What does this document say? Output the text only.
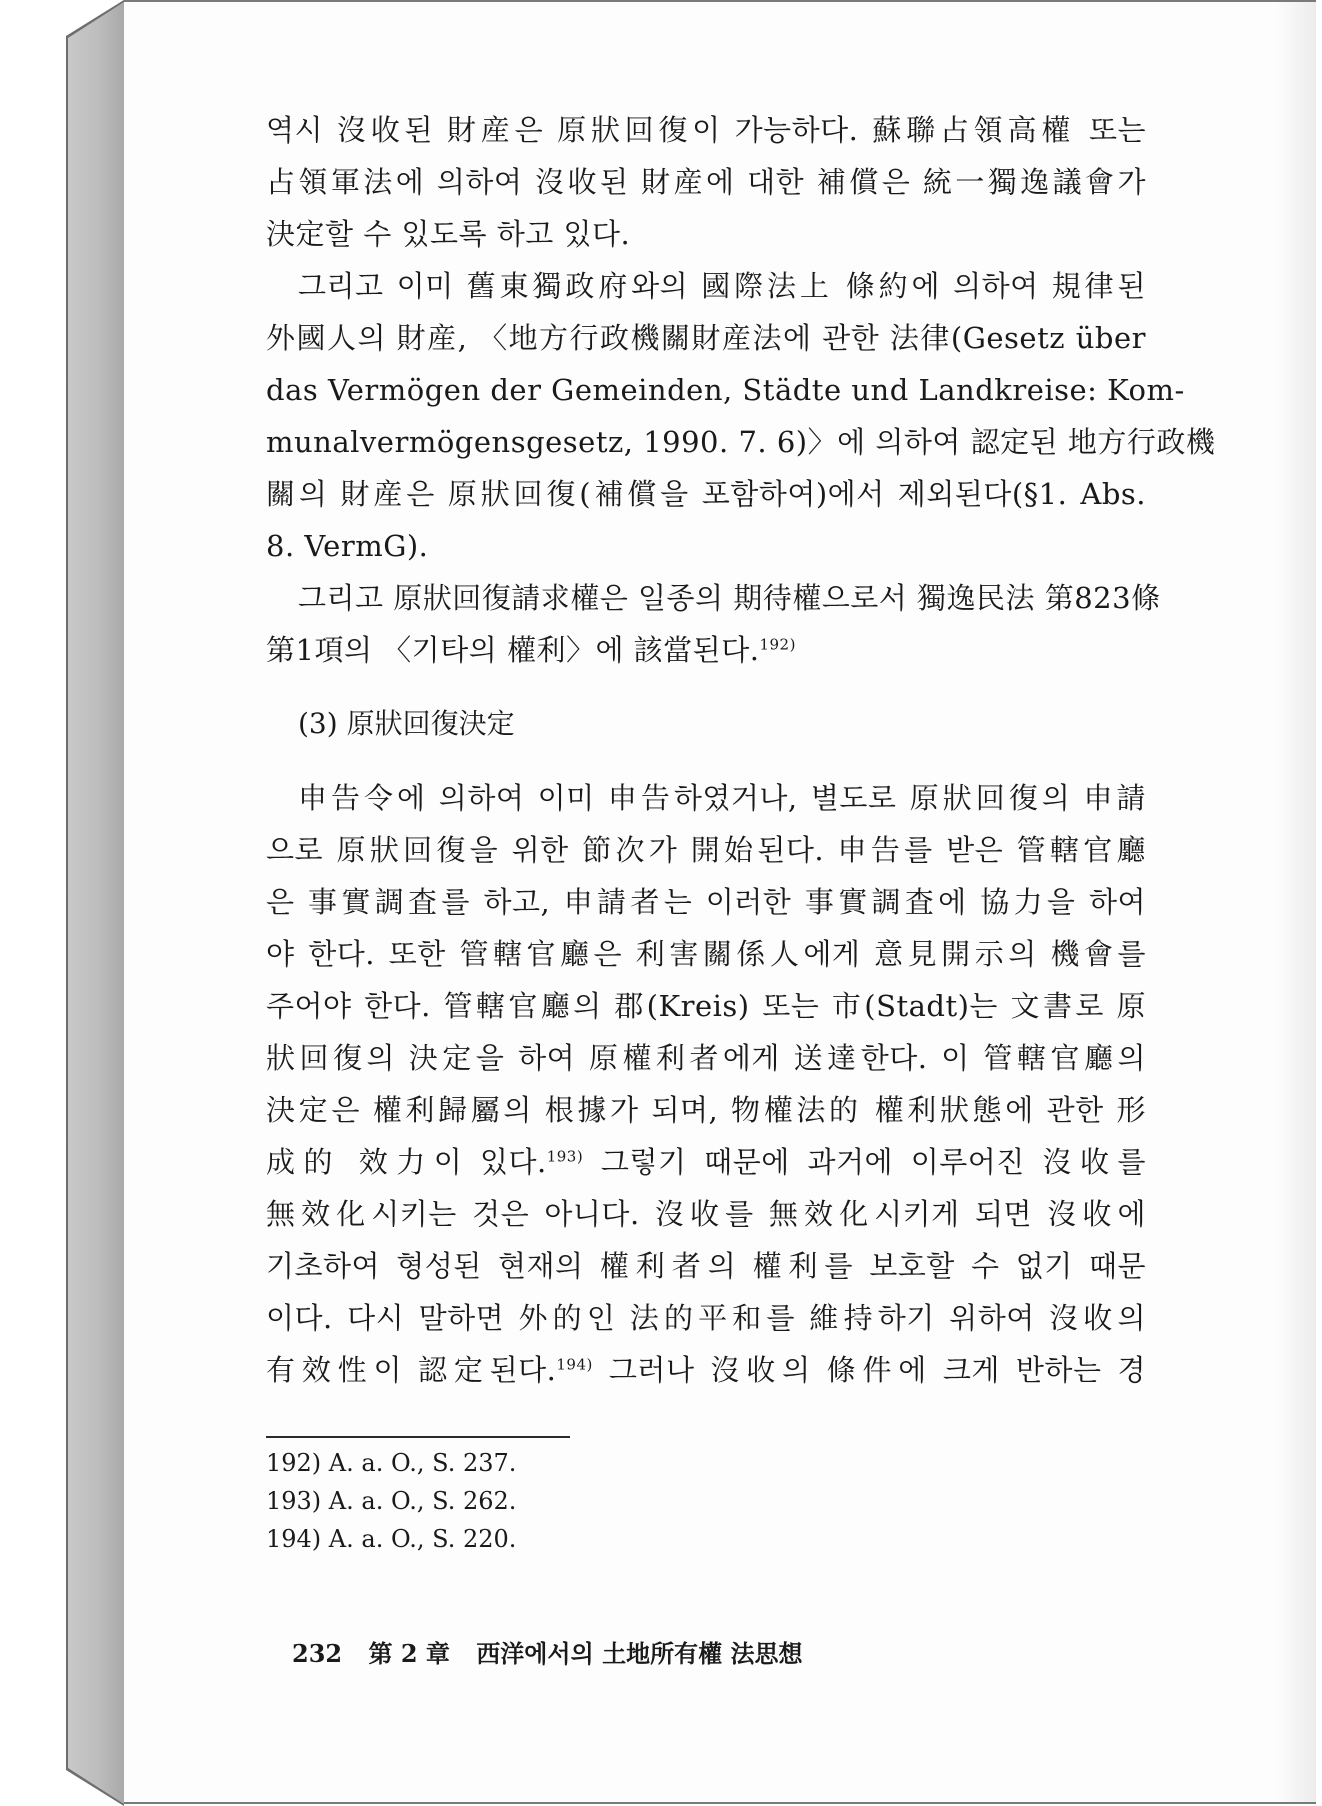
역시 沒收된 財産은 原狀回復이 가능하다. 蘇聯占領高權 또는
占領軍法에 의하여 沒收된 財産에 대한 補償은 統一獨逸議會가
決定할 수 있도록 하고 있다.
그리고 이미 舊東獨政府와의 國際法上 條約에 의하여 規律된
外國人의 財産, 〈地方行政機關財産法에 관한 法律(Gesetz über
das Vermögen der Gemeinden, Städte und Landkreise: Kom-
munalvermögensgesetz, 1990. 7. 6)〉에 의하여 認定된 地方行政機
關의 財産은 原狀回復(補償을 포함하여)에서 제외된다(§1. Abs.
8. VermG).
그리고 原狀回復請求權은 일종의 期待權으로서 獨逸民法 第823條
第1項의 〈기타의 權利〉에 該當된다.$^{192)}$
(3) 原狀回復決定
申告令에 의하여 이미 申告하였거나, 별도로 原狀回復의 申請
으로 原狀回復을 위한 節次가 開始된다. 申告를 받은 管轄官廳
은 事實調査를 하고, 申請者는 이러한 事實調査에 協力을 하여
야 한다. 또한 管轄官廳은 利害關係人에게 意見開示의 機會를
주어야 한다. 管轄官廳의 郡(Kreis) 또는 市(Stadt)는 文書로 原
狀回復의 決定을 하여 原權利者에게 送達한다. 이 管轄官廳의
決定은 權利歸屬의 根據가 되며, 物權法的 權利狀態에 관한 形
成的 效力이 있다.$^{193)}$ 그렇기 때문에 과거에 이루어진 沒收를
無效化시키는 것은 아니다. 沒收를 無效化시키게 되면 沒收에
기초하여 형성된 현재의 權利者의 權利를 보호할 수 없기 때문
이다. 다시 말하면 外的인 法的平和를 維持하기 위하여 沒收의
有效性이 認定된다.$^{194)}$ 그러나 沒收의 條件에 크게 반하는 경
192) A. a. O., S. 237.
193) A. a. O., S. 262.
194) A. a. O., S. 220.
232 第 2 章 西洋에서의 土地所有權 法思想
